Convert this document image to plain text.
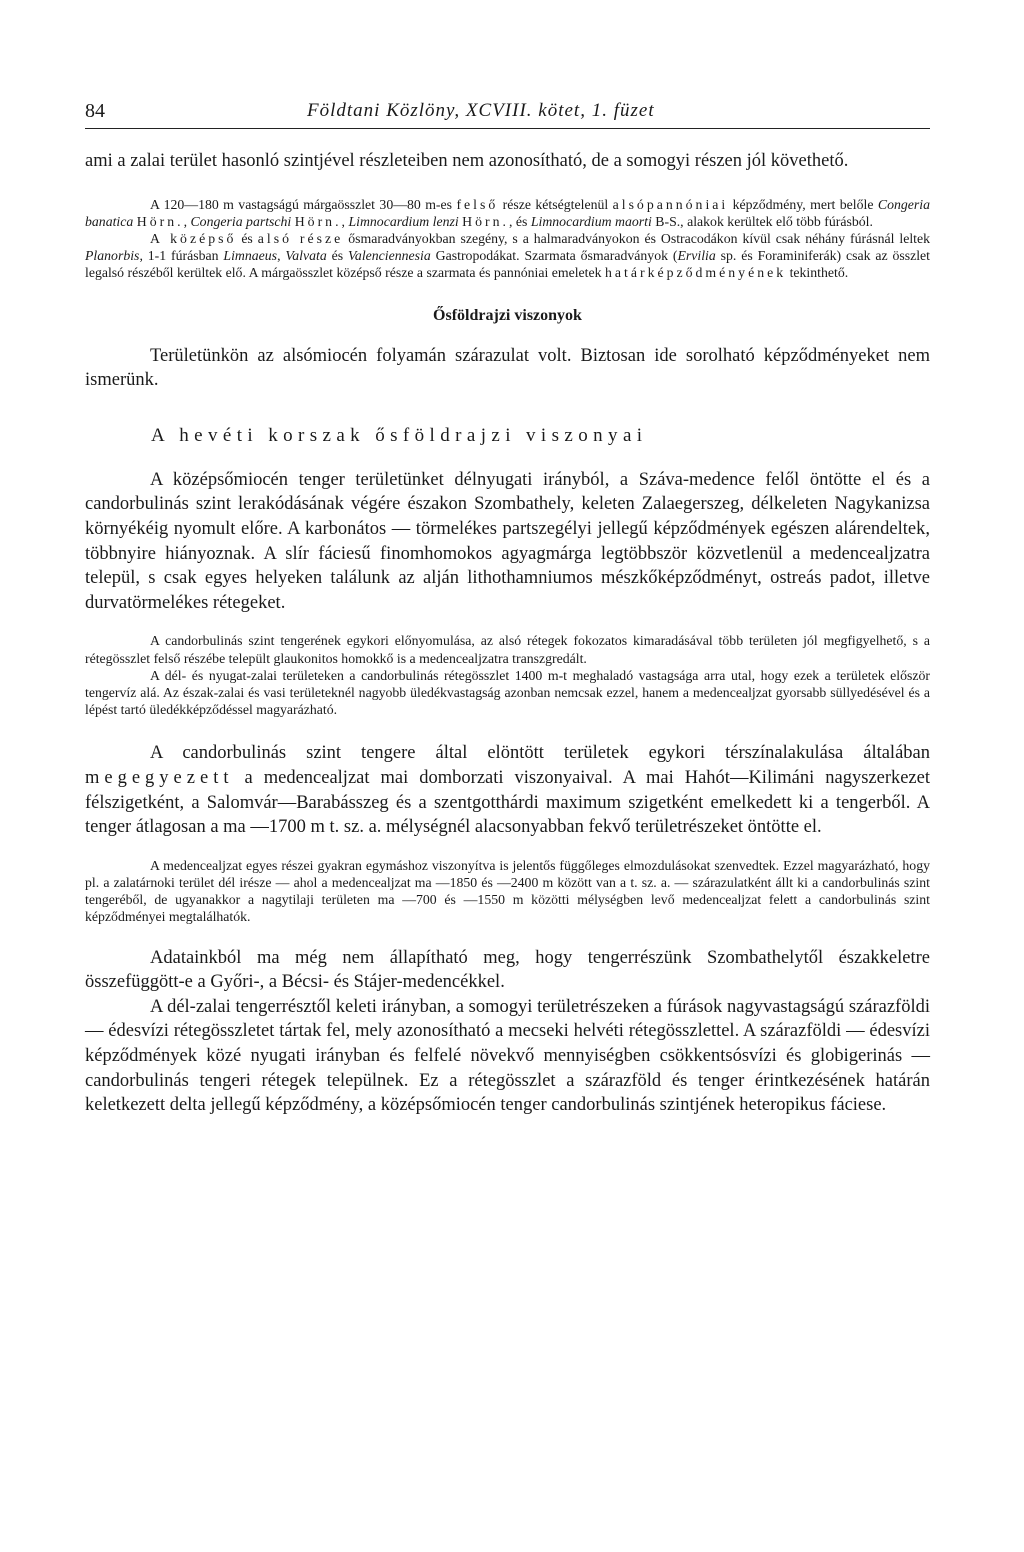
84	Földtani Közlöny, XCVIII. kötet, 1. füzet

ami a zalai terület hasonló szintjével részleteiben nem azonosítható, de a somogyi részen jól követhető.

A 120—180 m vastagságú márgaösszlet 30—80 m-es felső része kétségtelenül alsópannóniai képződmény, mert belőle Congeria banatica Hörn., Congeria partschi Hörn., Limnocardium lenzi Hörn., és Limnocardium maorti B-S., alakok kerültek elő több fúrásból.

A középső és alsó része ősmaradványokban szegény, s a halmaradványokon és Ostracodákon kívül csak néhány fúrásnál leltek Planorbis, 1-1 fúrásban Limnaeus, Valvata és Valenciennesia Gastropodákat. Szarmata ősmaradványok (Ervilia sp. és Foraminiferák) csak az összlet legalsó részéből kerültek elő. A márgaösszlet középső része a szarmata és pannóniai emeletek határképződményének tekinthető.

Ősföldrajzi viszonyok

Területünkön az alsómiocén folyamán szárazulat volt. Biztosan ide sorolható képződményeket nem ismerünk.

A hevéti korszak ősföldrajzi viszonyai

A középsőmiocén tenger területünket délnyugati irányból, a Száva-medence felől öntötte el és a candorbulinás szint lerakódásának végére északon Szombathely, keleten Zalaegerszeg, délkeleten Nagykanizsa környékéig nyomult előre. A karbonátos — törmelékes partszegélyi jellegű képződmények egészen alárendeltek, többnyire hiányoznak. A slír fáciesű finomhomokos agyagmárga legtöbbször közvetlenül a medencealjzatra települ, s csak egyes helyeken találunk az alján lithothamniumos mészkőképződményt, ostreás padot, illetve durvatörmelékes rétegeket.

A candorbulinás szint tengerének egykori előnyomulása, az alsó rétegek fokozatos kimaradásával több területen jól megfigyelhető, s a rétegösszlet felső részébe települt glaukonitos homokkő is a medencealjzatra transzgredált.

A dél- és nyugat-zalai területeken a candorbulinás rétegösszlet 1400 m-t meghaladó vastagsága arra utal, hogy ezek a területek először tengervíz alá. Az észak-zalai és vasi területeknél nagyobb üledékvastagság azonban nemcsak ezzel, hanem a medencealjzat gyorsabb süllyedésével és a lépést tartó üledékképződéssel magyarázható.

A candorbulinás szint tengere által elöntött területek egykori térszínalakulása általában megegyezett a medencealjzat mai domborzati viszonyaival. A mai Hahót—Kilimáni nagyszerkezet félszigetként, a Salomvár—Barabásszeg és a szentgotthárdi maximum szigetként emelkedett ki a tengerből. A tenger átlagosan a ma —1700 m t. sz. a. mélységnél alacsonyabban fekvő területrészeket öntötte el.

A medencealjzat egyes részei gyakran egymáshoz viszonyítva is jelentős függőleges elmozdulásokat szenvedtek. Ezzel magyarázható, hogy pl. a zalatárnoki terület dél irésze — ahol a medencealjzat ma —1850 és —2400 m között van a t. sz. a. — szárazulatként állt ki a candorbulinás szint tengeréből, de ugyanakkor a nagytilaji területen ma —700 és —1550 m közötti mélységben levő medencealjzat felett a candorbulinás szint képződményei megtalálhatók.

Adatainkból ma még nem állapítható meg, hogy tengerrészünk Szombathelytől északkeletre összefüggött-e a Győri-, a Bécsi- és Stájer-medencékkel.

A dél-zalai tengerrésztől keleti irányban, a somogyi területrészeken a fúrások nagyvastagságú szárazföldi — édesvízi rétegösszletet tártak fel, mely azonosítható a mecseki helvéti rétegösszlettel. A szárazföldi — édesvízi képződmények közé nyugati irányban és felfelé növekvő mennyiségben csökkentsósvízi és globigerinás — candorbulinás tengeri rétegek települnek. Ez a rétegösszlet a szárazföld és tenger érintkezésének határán keletkezett delta jellegű képződmény, a középsőmiocén tenger candorbulinás szintjének heteropikus fáciese.
